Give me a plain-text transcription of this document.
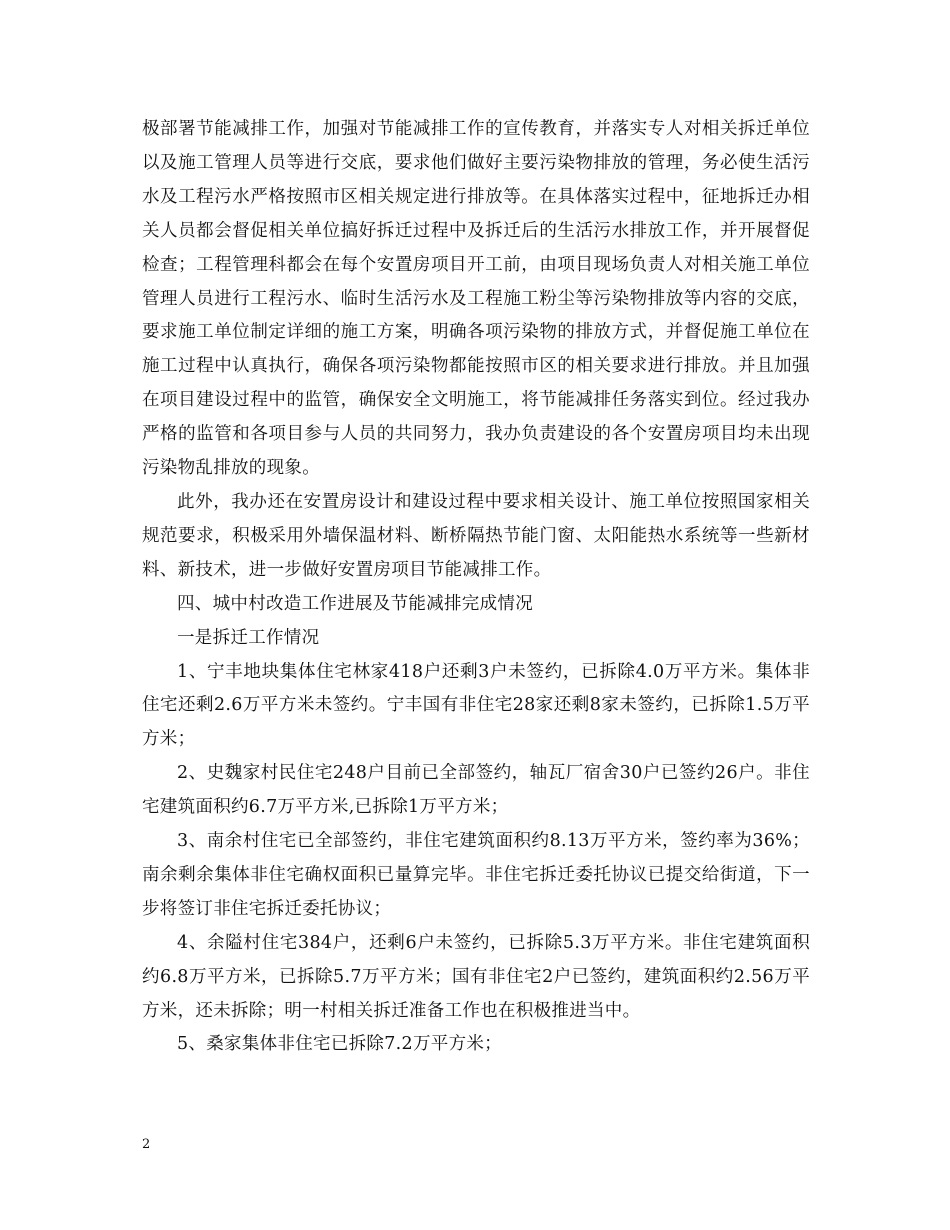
极部署节能减排工作，加强对节能减排工作的宣传教育，并落实专人对相关拆迁单位以及施工管理人员等进行交底，要求他们做好主要污染物排放的管理，务必使生活污水及工程污水严格按照市区相关规定进行排放等。在具体落实过程中，征地拆迁办相关人员都会督促相关单位搞好拆迁过程中及拆迁后的生活污水排放工作，并开展督促检查；工程管理科都会在每个安置房项目开工前，由项目现场负责人对相关施工单位管理人员进行工程污水、临时生活污水及工程施工粉尘等污染物排放等内容的交底，要求施工单位制定详细的施工方案，明确各项污染物的排放方式，并督促施工单位在施工过程中认真执行，确保各项污染物都能按照市区的相关要求进行排放。并且加强在项目建设过程中的监管，确保安全文明施工，将节能减排任务落实到位。经过我办严格的监管和各项目参与人员的共同努力，我办负责建设的各个安置房项目均未出现污染物乱排放的现象。

此外，我办还在安置房设计和建设过程中要求相关设计、施工单位按照国家相关规范要求，积极采用外墙保温材料、断桥隔热节能门窗、太阳能热水系统等一些新材料、新技术，进一步做好安置房项目节能减排工作。

四、城中村改造工作进展及节能减排完成情况

一是拆迁工作情况

1、宁丰地块集体住宅林家418户还剩3户未签约，已拆除4.0万平方米。集体非住宅还剩2.6万平方米未签约。宁丰国有非住宅28家还剩8家未签约，已拆除1.5万平方米；

2、史魏家村民住宅248户目前已全部签约，轴瓦厂宿舍30户已签约26户。非住宅建筑面积约6.7万平方米,已拆除1万平方米；

3、南余村住宅已全部签约，非住宅建筑面积约8.13万平方米，签约率为36%；南余剩余集体非住宅确权面积已量算完毕。非住宅拆迁委托协议已提交给街道，下一步将签订非住宅拆迁委托协议；

4、余隘村住宅384户，还剩6户未签约，已拆除5.3万平方米。非住宅建筑面积约6.8万平方米，已拆除5.7万平方米；国有非住宅2户已签约，建筑面积约2.56万平方米，还未拆除；明一村相关拆迁准备工作也在积极推进当中。

5、桑家集体非住宅已拆除7.2万平方米；

2
